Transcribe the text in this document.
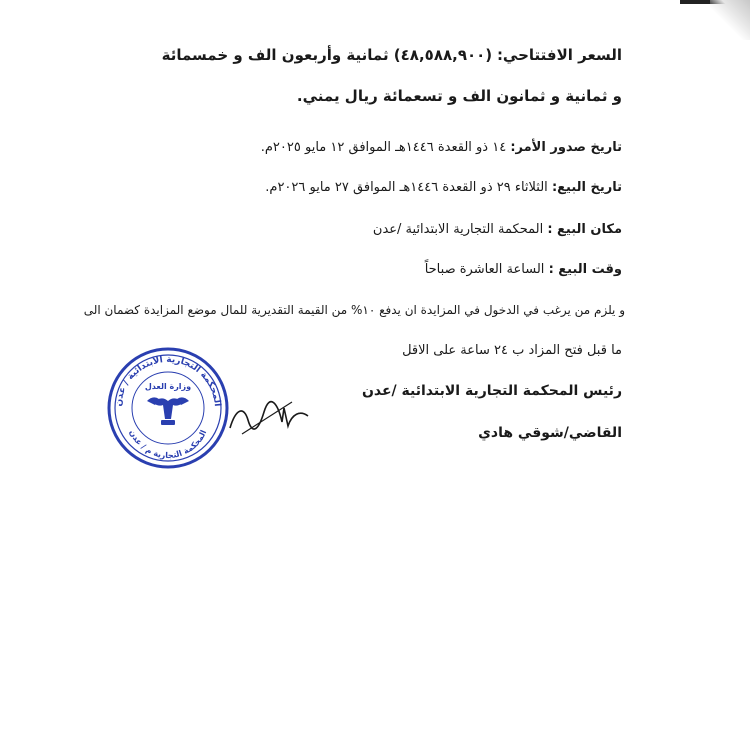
السعر الافتتاحي: (٤٨,٥٨٨,٩٠٠) ثمانية وأربعون الف و خمسمائة
و ثمانية و ثمانون الف و تسعمائة ريال يمني.
تاريخ صدور الأمر: ١٤ ذو القعدة ١٤٤٦هـ الموافق ١٢ مايو ٢٠٢٥م.
تاريخ البيع: الثلاثاء ٢٩ ذو القعدة ١٤٤٦هـ الموافق ٢٧ مايو ٢٠٢٦م.
مكان البيع : المحكمة التجارية الابتدائية /عدن
وقت البيع : الساعة العاشرة صباحاً
و يلزم من يرغب في الدخول في المزايدة ان يدفع ١٠% من القيمة التقديرية للمال موضع المزايدة كضمان الى
ما قبل فتح المزاد ب ٢٤ ساعة على الاقل
رئيس المحكمة التجارية الابتدائية /عدن
القاضي/شوقي هادي
المحكمة التجارية الابتدائية / عدن
المحكمة التجارية م / عدن
وزارة العدل
